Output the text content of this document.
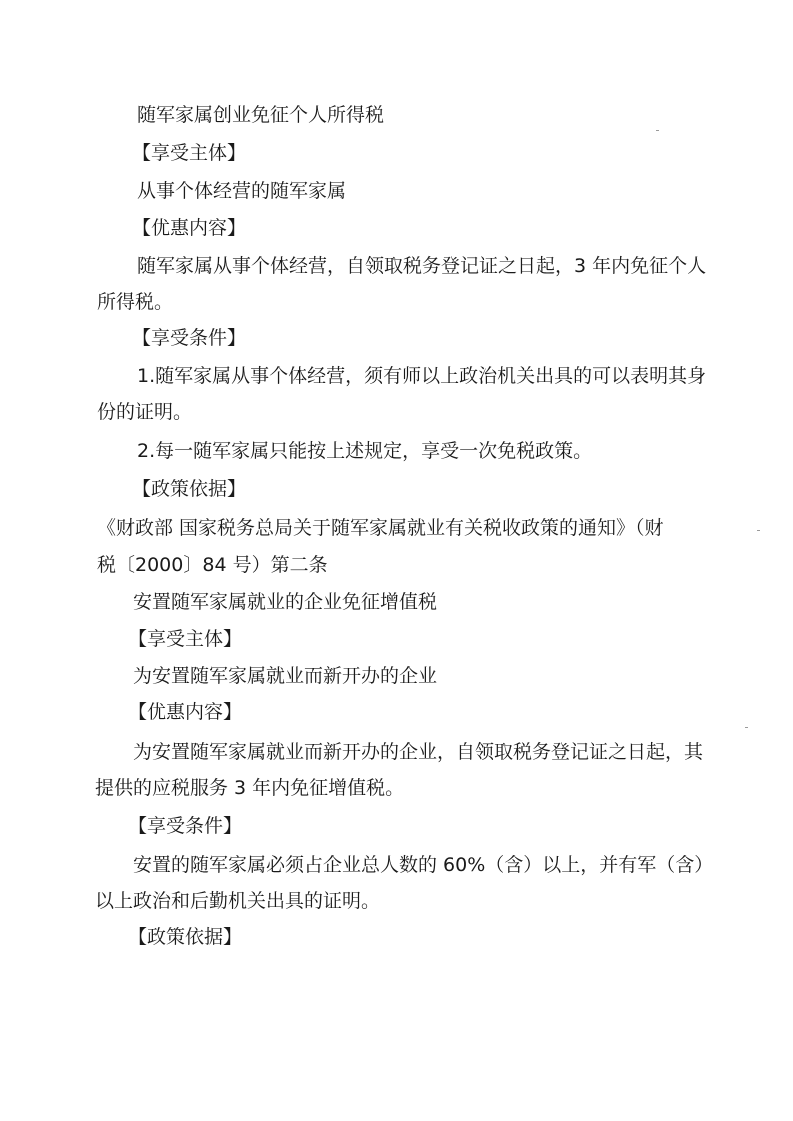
随军家属创业免征个人所得税
【享受主体】
从事个体经营的随军家属
【优惠内容】
随军家属从事个体经营，自领取税务登记证之日起，3 年内免征个人
所得税。
【享受条件】
1.随军家属从事个体经营，须有师以上政治机关出具的可以表明其身
份的证明。
2.每一随军家属只能按上述规定，享受一次免税政策。
【政策依据】
《财政部 国家税务总局关于随军家属就业有关税收政策的通知》（财
税〔2000〕84 号）第二条
安置随军家属就业的企业免征增值税
【享受主体】
为安置随军家属就业而新开办的企业
【优惠内容】
为安置随军家属就业而新开办的企业，自领取税务登记证之日起，其
提供的应税服务 3 年内免征增值税。
【享受条件】
安置的随军家属必须占企业总人数的 60%（含）以上，并有军（含）
以上政治和后勤机关出具的证明。
【政策依据】
